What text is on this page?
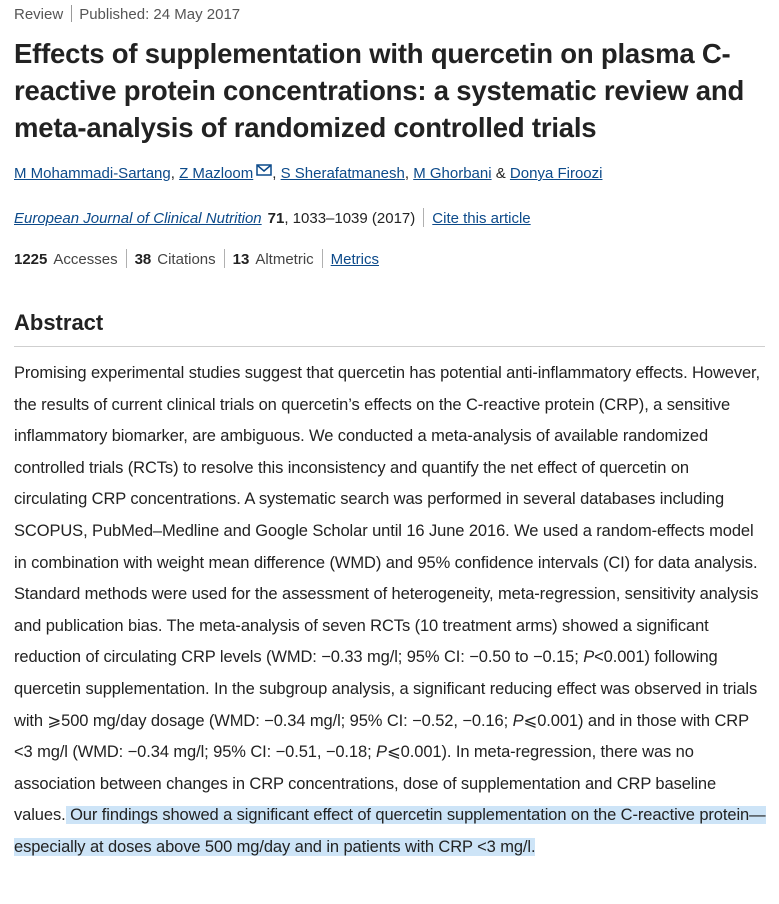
Review Published: 24 May 2017
Effects of supplementation with quercetin on plasma C-reactive protein concentrations: a systematic review and meta-analysis of randomized controlled trials
M Mohammadi-Sartang, Z Mazloom , S Sherafatmanesh, M Ghorbani & Donya Firoozi
European Journal of Clinical Nutrition 71, 1033–1039 (2017) Cite this article
1225 Accesses 38 Citations 13 Altmetric Metrics
Abstract

Promising experimental studies suggest that quercetin has potential anti-inflammatory effects. However, the results of current clinical trials on quercetin’s effects on the C-reactive protein (CRP), a sensitive inflammatory biomarker, are ambiguous. We conducted a meta-analysis of available randomized controlled trials (RCTs) to resolve this inconsistency and quantify the net effect of quercetin on circulating CRP concentrations. A systematic search was performed in several databases including SCOPUS, PubMed–Medline and Google Scholar until 16 June 2016. We used a random-effects model in combination with weight mean difference (WMD) and 95% confidence intervals (CI) for data analysis. Standard methods were used for the assessment of heterogeneity, meta-regression, sensitivity analysis and publication bias. The meta-analysis of seven RCTs (10 treatment arms) showed a significant reduction of circulating CRP levels (WMD: −0.33 mg/l; 95% CI: −0.50 to −0.15; P<0.001) following quercetin supplementation. In the subgroup analysis, a significant reducing effect was observed in trials with ⩾500 mg/day dosage (WMD: −0.34 mg/l; 95% CI: −0.52, −0.16; P⩽0.001) and in those with CRP <3 mg/l (WMD: −0.34 mg/l; 95% CI: −0.51, −0.18; P⩽0.001). In meta-regression, there was no association between changes in CRP concentrations, dose of supplementation and CRP baseline values. Our findings showed a significant effect of quercetin supplementation on the C-reactive protein—especially at doses above 500 mg/day and in patients with CRP <3 mg/l.
